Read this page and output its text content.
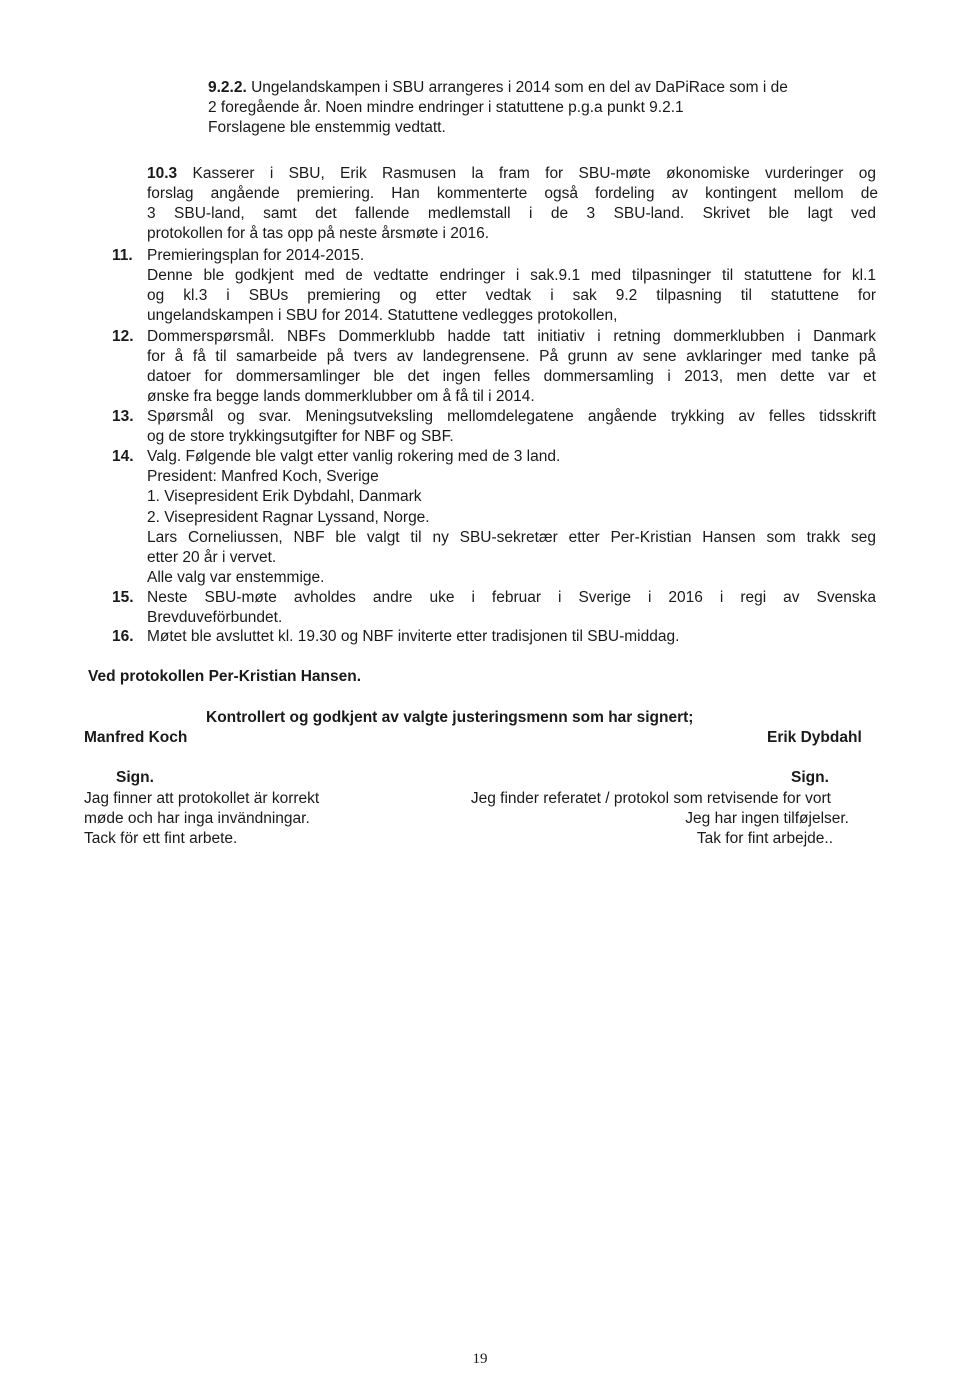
9.2.2. Ungelandskampen i SBU arrangeres i 2014 som en del av DaPiRace som i de
2 foregående år. Noen mindre endringer i statuttene p.g.a punkt 9.2.1
Forslagene ble enstemmig vedtatt.
10.3 Kasserer i SBU, Erik Rasmusen la fram for SBU-møte økonomiske vurderinger og
forslag angående premiering. Han kommenterte også fordeling av kontingent mellom de
3 SBU-land, samt det fallende medlemstall i de 3 SBU-land. Skrivet ble lagt ved
protokollen for å tas opp på neste årsmøte i 2016.
11. Premieringsplan for 2014-2015.
Denne ble godkjent med de vedtatte endringer i sak.9.1 med tilpasninger til statuttene for kl.1
og kl.3 i SBUs premiering og etter vedtak i sak 9.2 tilpasning til statuttene for
ungelandskampen i SBU for 2014. Statuttene vedlegges protokollen,
12. Dommerspørsmål. NBFs Dommerklubb hadde tatt initiativ i retning dommerklubben i Danmark
for å få til samarbeide på tvers av landegrensene. På grunn av sene avklaringer med tanke på
datoer for dommersamlinger ble det ingen felles dommersamling i 2013, men dette var et
ønske fra begge lands dommerklubber om å få til i 2014.
13. Spørsmål og svar. Meningsutveksling mellomdelegatene angående trykking av felles tidsskrift
og de store trykkingsutgifter for NBF og SBF.
14. Valg. Følgende ble valgt etter vanlig rokering med de 3 land.
President: Manfred Koch, Sverige
1. Visepresident Erik Dybdahl, Danmark
2. Visepresident Ragnar Lyssand, Norge.
Lars Corneliussen, NBF ble valgt til ny SBU-sekretær etter Per-Kristian Hansen som trakk seg
etter 20 år i vervet.
Alle valg var enstemmige.
15. Neste SBU-møte avholdes andre uke i februar i Sverige i 2016 i regi av Svenska
Brevduveförbundet.
16. Møtet ble avsluttet kl. 19.30 og NBF inviterte etter tradisjonen til SBU-middag.
Ved protokollen Per-Kristian Hansen.
Kontrollert og godkjent av valgte justeringsmenn som har signert;
Manfred Koch	Erik Dybdahl
Sign.	Sign.
Jag finner att protokollet är korrekt
møde och har inga invändningar.
Tack för ett fint arbete.
Jeg finder referatet / protokol som retvisende for vort
Jeg har ingen tilføjelser.
Tak for fint arbejde..
19
